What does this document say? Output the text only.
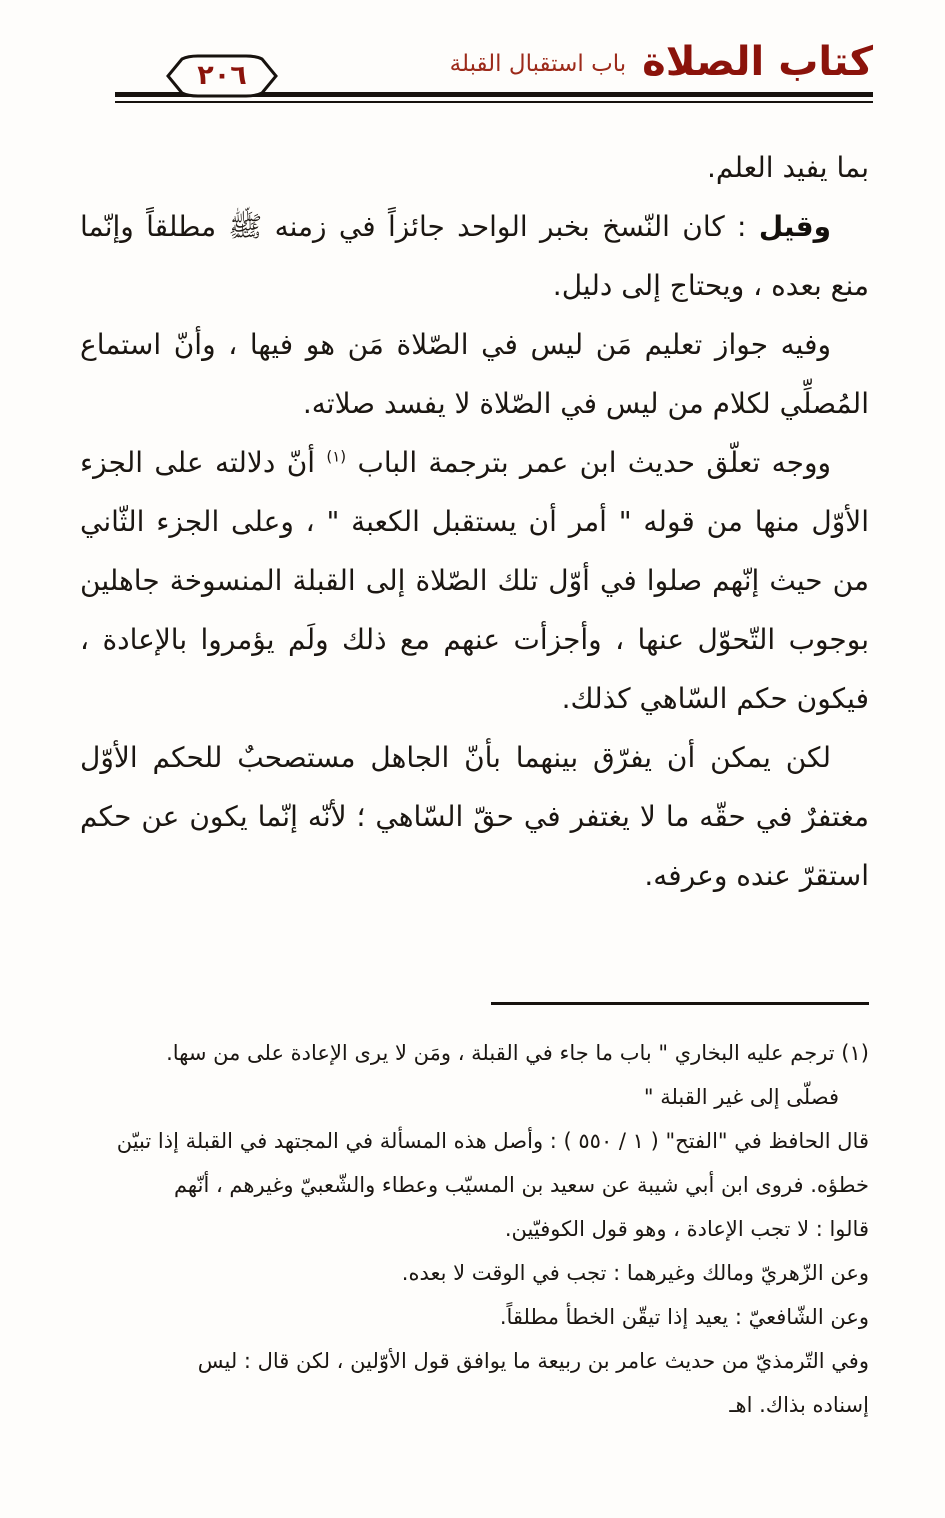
كتاب الصلاة
باب استقبال القبلة
٢٠٦

بما يفيد العلم.

وقيل : كان النّسخ بخبر الواحد جائزاً في زمنه ﷺ مطلقاً وإنّما منع بعده ، ويحتاج إلى دليل.

وفيه جواز تعليم مَن ليس في الصّلاة مَن هو فيها ، وأنّ استماع المُصلِّي لكلام من ليس في الصّلاة لا يفسد صلاته.

ووجه تعلّق حديث ابن عمر بترجمة الباب $^{(١)}$ أنّ دلالته على الجزء الأوّل منها من قوله " أمر أن يستقبل الكعبة " ، وعلى الجزء الثّاني من حيث إنّهم صلوا في أوّل تلك الصّلاة إلى القبلة المنسوخة جاهلين بوجوب التّحوّل عنها ، وأجزأت عنهم مع ذلك ولَم يؤمروا بالإعادة ، فيكون حكم السّاهي كذلك.

لكن يمكن أن يفرّق بينهما بأنّ الجاهل مستصحبٌ للحكم الأوّل مغتفرٌ في حقّه ما لا يغتفر في حقّ السّاهي ؛ لأنّه إنّما يكون عن حكم استقرّ عنده وعرفه.

(١) ترجم عليه البخاري " باب ما جاء في القبلة ، ومَن لا يرى الإعادة على من سها.
فصلّى إلى غير القبلة "
قال الحافظ في "الفتح" ( ١ / ٥٥٠ ) : وأصل هذه المسألة في المجتهد في القبلة إذا تبيّن
خطؤه. فروى ابن أبي شيبة عن سعيد بن المسيّب وعطاء والشّعبيّ وغيرهم ، أنّهم
قالوا : لا تجب الإعادة ، وهو قول الكوفيّين.
وعن الزّهريّ ومالك وغيرهما : تجب في الوقت لا بعده.
وعن الشّافعيّ : يعيد إذا تيقّن الخطأ مطلقاً.
وفي التّرمذيّ من حديث عامر بن ربيعة ما يوافق قول الأوّلين ، لكن قال : ليس
إسناده بذاك. اهـ
